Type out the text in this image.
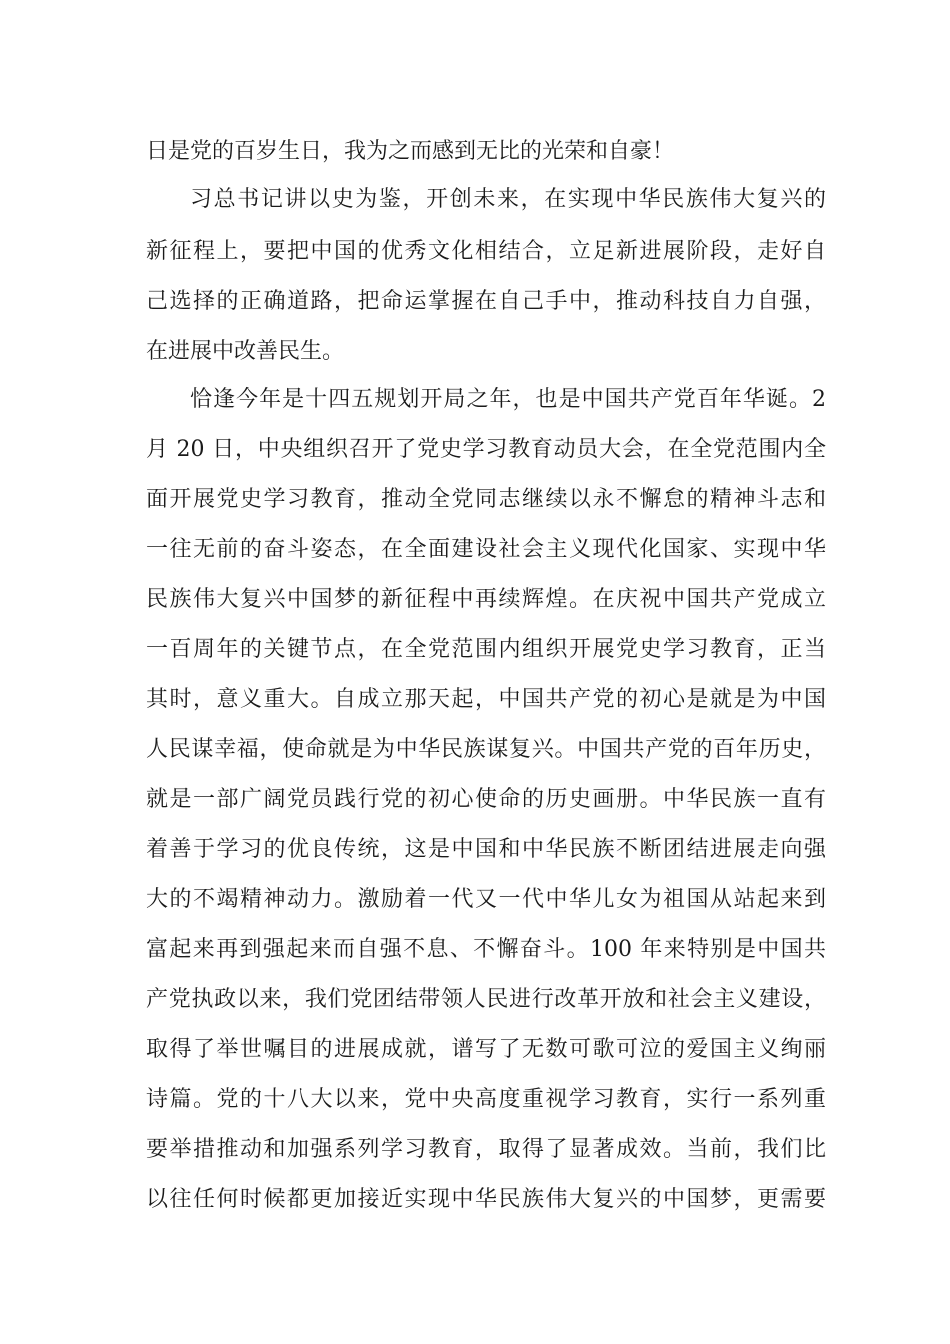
日是党的百岁生日，我为之而感到无比的光荣和自豪！
习总书记讲以史为鉴，开创未来，在实现中华民族伟大复兴的
新征程上，要把中国的优秀文化相结合，立足新进展阶段，走好自
己选择的正确道路，把命运掌握在自己手中，推动科技自力自强，
在进展中改善民生。
恰逢今年是十四五规划开局之年，也是中国共产党百年华诞。2
月 20 日，中央组织召开了党史学习教育动员大会，在全党范围内全
面开展党史学习教育，推动全党同志继续以永不懈怠的精神斗志和
一往无前的奋斗姿态，在全面建设社会主义现代化国家、实现中华
民族伟大复兴中国梦的新征程中再续辉煌。在庆祝中国共产党成立
一百周年的关键节点，在全党范围内组织开展党史学习教育，正当
其时，意义重大。自成立那天起，中国共产党的初心是就是为中国
人民谋幸福，使命就是为中华民族谋复兴。中国共产党的百年历史，
就是一部广阔党员践行党的初心使命的历史画册。中华民族一直有
着善于学习的优良传统，这是中国和中华民族不断团结进展走向强
大的不竭精神动力。激励着一代又一代中华儿女为祖国从站起来到
富起来再到强起来而自强不息、不懈奋斗。100 年来特别是中国共
产党执政以来，我们党团结带领人民进行改革开放和社会主义建设，
取得了举世嘱目的进展成就，谱写了无数可歌可泣的爱国主义绚丽
诗篇。党的十八大以来，党中央高度重视学习教育，实行一系列重
要举措推动和加强系列学习教育，取得了显著成效。当前，我们比
以往任何时候都更加接近实现中华民族伟大复兴的中国梦，更需要
